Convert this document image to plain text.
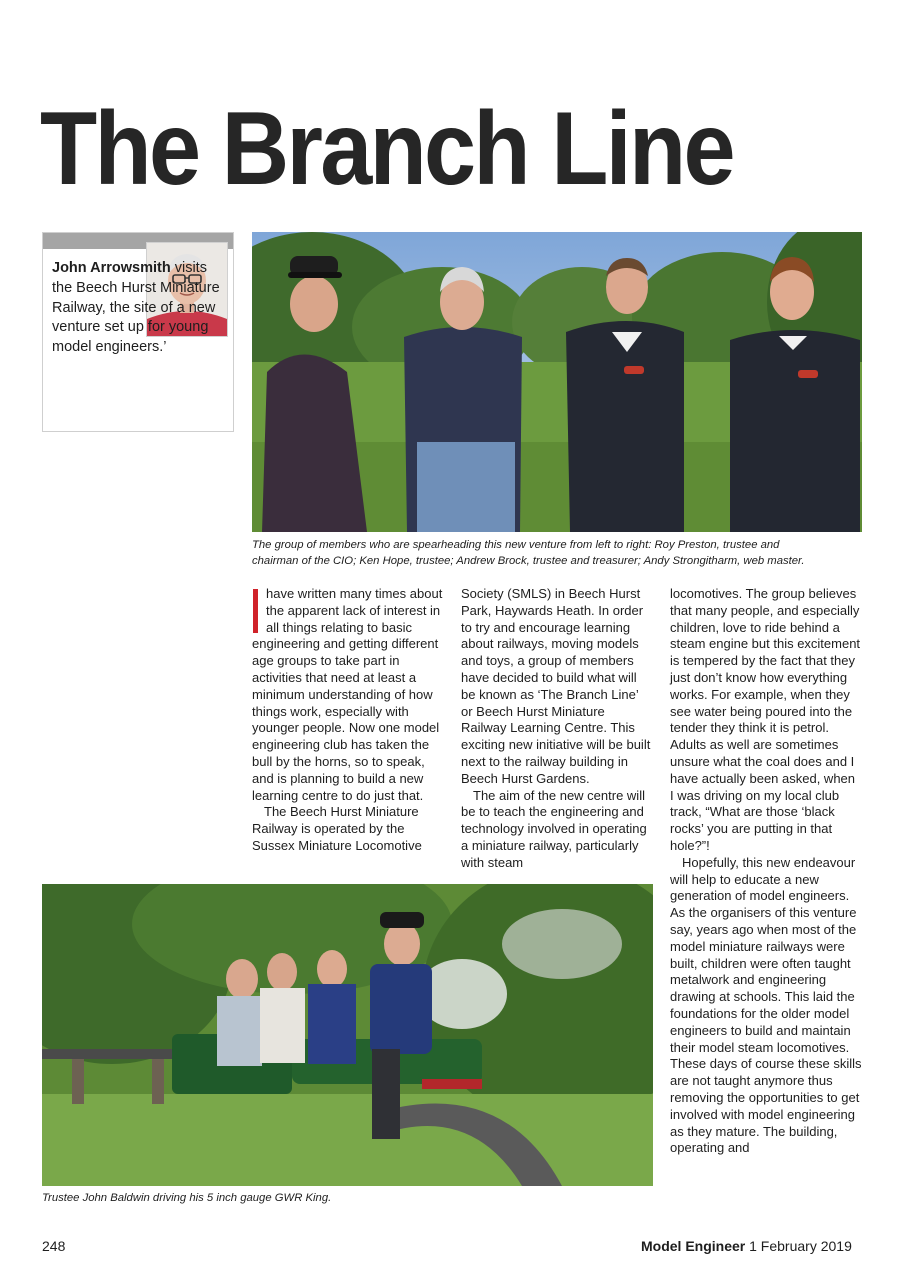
The Branch Line

John Arrowsmith visits the Beech Hurst Miniature Railway, the site of a new venture set up for young model engineers.’

The group of members who are spearheading this new venture from left to right: Roy Preston, trustee and chairman of the CIO; Ken Hope, trustee; Andrew Brock, trustee and treasurer; Andy Strongitharm, web master.

have written many times about the apparent lack of interest in all things relating to basic engineering and getting different age groups to take part in activities that need at least a minimum understanding of how things work, especially with younger people. Now one model engineering club has taken the bull by the horns, so to speak, and is planning to build a new learning centre to do just that.

The Beech Hurst Miniature Railway is operated by the Sussex Miniature Locomotive

Society (SMLS) in Beech Hurst Park, Haywards Heath. In order to try and encourage learning about railways, moving models and toys, a group of members have decided to build what will be known as ‘The Branch Line’ or Beech Hurst Miniature Railway Learning Centre. This exciting new initiative will be built next to the railway building in Beech Hurst Gardens.

The aim of the new centre will be to teach the engineering and technology involved in operating a miniature railway, particularly with steam

locomotives. The group believes that many people, and especially children, love to ride behind a steam engine but this excitement is tempered by the fact that they just don’t know how everything works. For example, when they see water being poured into the tender they think it is petrol. Adults as well are sometimes unsure what the coal does and I have actually been asked, when I was driving on my local club track, “What are those ‘black rocks’ you are putting in that hole?”!

Hopefully, this new endeavour will help to educate a new generation of model engineers. As the organisers of this venture say, years ago when most of the model miniature railways were built, children were often taught metalwork and engineering drawing at schools. This laid the foundations for the older model engineers to build and maintain their model steam locomotives. These days of course these skills are not taught anymore thus removing the opportunities to get involved with model engineering as they mature. The building, operating and

Trustee John Baldwin driving his 5 inch gauge GWR King.

248	Model Engineer 1 February 2019
